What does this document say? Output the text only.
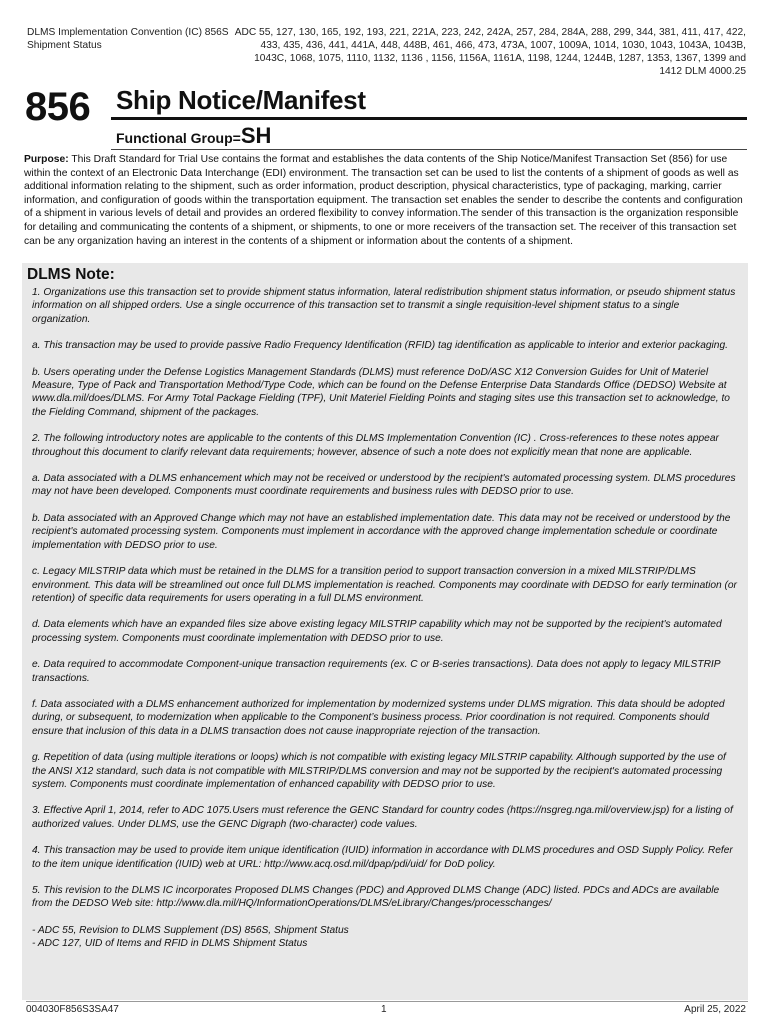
DLMS Implementation Convention (IC) 856S
Shipment Status
ADC 55, 127, 130, 165, 192, 193, 221, 221A, 223, 242, 242A, 257, 284, 284A, 288, 299, 344, 381, 411, 417, 422,
433, 435, 436, 441, 441A, 448, 448B, 461, 466, 473, 473A, 1007, 1009A, 1014, 1030, 1043, 1043A, 1043B,
1043C, 1068, 1075, 1110, 1132, 1136 , 1156, 1156A, 1161A, 1198, 1244, 1244B, 1287, 1353, 1367, 1399 and
1412 DLM 4000.25
856 Ship Notice/Manifest
Functional Group=SH

Purpose: This Draft Standard for Trial Use contains the format and establishes the data contents of the Ship Notice/Manifest Transaction Set (856) for use within the context of an Electronic Data Interchange (EDI) environment. The transaction set can be used to list the contents of a shipment of goods as well as additional information relating to the shipment, such as order information, product description, physical characteristics, type of packaging, marking, carrier information, and configuration of goods within the transportation equipment. The transaction set enables the sender to describe the contents and configuration of a shipment in various levels of detail and provides an ordered flexibility to convey information.The sender of this transaction is the organization responsible for detailing and communicating the contents of a shipment, or shipments, to one or more receivers of the transaction set. The receiver of this transaction set can be any organization having an interest in the contents of a shipment or information about the contents of a shipment.

DLMS Note:

1. Organizations use this transaction set to provide shipment status information, lateral redistribution shipment status information, or pseudo shipment status information on all shipped orders. Use a single occurrence of this transaction set to transmit a single requisition-level shipment status to a single organization.

a. This transaction may be used to provide passive Radio Frequency Identification (RFID) tag identification as applicable to interior and exterior packaging.

b. Users operating under the Defense Logistics Management Standards (DLMS) must reference DoD/ASC X12 Conversion Guides for Unit of Materiel Measure, Type of Pack and Transportation Method/Type Code, which can be found on the Defense Enterprise Data Standards Office (DEDSO) Website at www.dla.mil/does/DLMS. For Army Total Package Fielding (TPF), Unit Materiel Fielding Points and staging sites use this transaction set to acknowledge, to the Fielding Command, shipment of the packages.

2. The following introductory notes are applicable to the contents of this DLMS Implementation Convention (IC) . Cross-references to these notes appear throughout this document to clarify relevant data requirements; however, absence of such a note does not explicitly mean that none are applicable.

a. Data associated with a DLMS enhancement which may not be received or understood by the recipient's automated processing system. DLMS procedures may not have been developed. Components must coordinate requirements and business rules with DEDSO prior to use.

b. Data associated with an Approved Change which may not have an established implementation date. This data may not be received or understood by the recipient's automated processing system. Components must implement in accordance with the approved change implementation schedule or coordinate implementation with DEDSO prior to use.

c. Legacy MILSTRIP data which must be retained in the DLMS for a transition period to support transaction conversion in a mixed MILSTRIP/DLMS environment. This data will be streamlined out once full DLMS implementation is reached. Components may coordinate with DEDSO for early termination (or retention) of specific data requirements for users operating in a full DLMS environment.

d. Data elements which have an expanded files size above existing legacy MILSTRIP capability which may not be supported by the recipient's automated processing system. Components must coordinate implementation with DEDSO prior to use.

e. Data required to accommodate Component-unique transaction requirements (ex. C or B-series transactions). Data does not apply to legacy MILSTRIP transactions.

f. Data associated with a DLMS enhancement authorized for implementation by modernized systems under DLMS migration. This data should be adopted during, or subsequent, to modernization when applicable to the Component’s business process. Prior coordination is not required. Components should ensure that inclusion of this data in a DLMS transaction does not cause inappropriate rejection of the transaction.

g. Repetition of data (using multiple iterations or loops) which is not compatible with existing legacy MILSTRIP capability. Although supported by the use of the ANSI X12 standard, such data is not compatible with MILSTRIP/DLMS conversion and may not be supported by the recipient's automated processing system. Components must coordinate implementation of enhanced capability with DEDSO prior to use.

3. Effective April 1, 2014, refer to ADC 1075.Users must reference the GENC Standard for country codes (https://nsgreg.nga.mil/overview.jsp) for a listing of authorized values. Under DLMS, use the GENC Digraph (two-character) code values.

4. This transaction may be used to provide item unique identification (IUID) information in accordance with DLMS procedures and OSD Supply Policy. Refer to the item unique identification (IUID) web at URL: http://www.acq.osd.mil/dpap/pdi/uid/ for DoD policy.

5. This revision to the DLMS IC incorporates Proposed DLMS Changes (PDC) and Approved DLMS Change (ADC) listed. PDCs and ADCs are available from the DEDSO Web site: http://www.dla.mil/HQ/InformationOperations/DLMS/eLibrary/Changes/processchanges/

- ADC 55, Revision to DLMS Supplement (DS) 856S, Shipment Status

- ADC 127, UID of Items and RFID in DLMS Shipment Status

004030F856S3SA47	1	April 25, 2022
